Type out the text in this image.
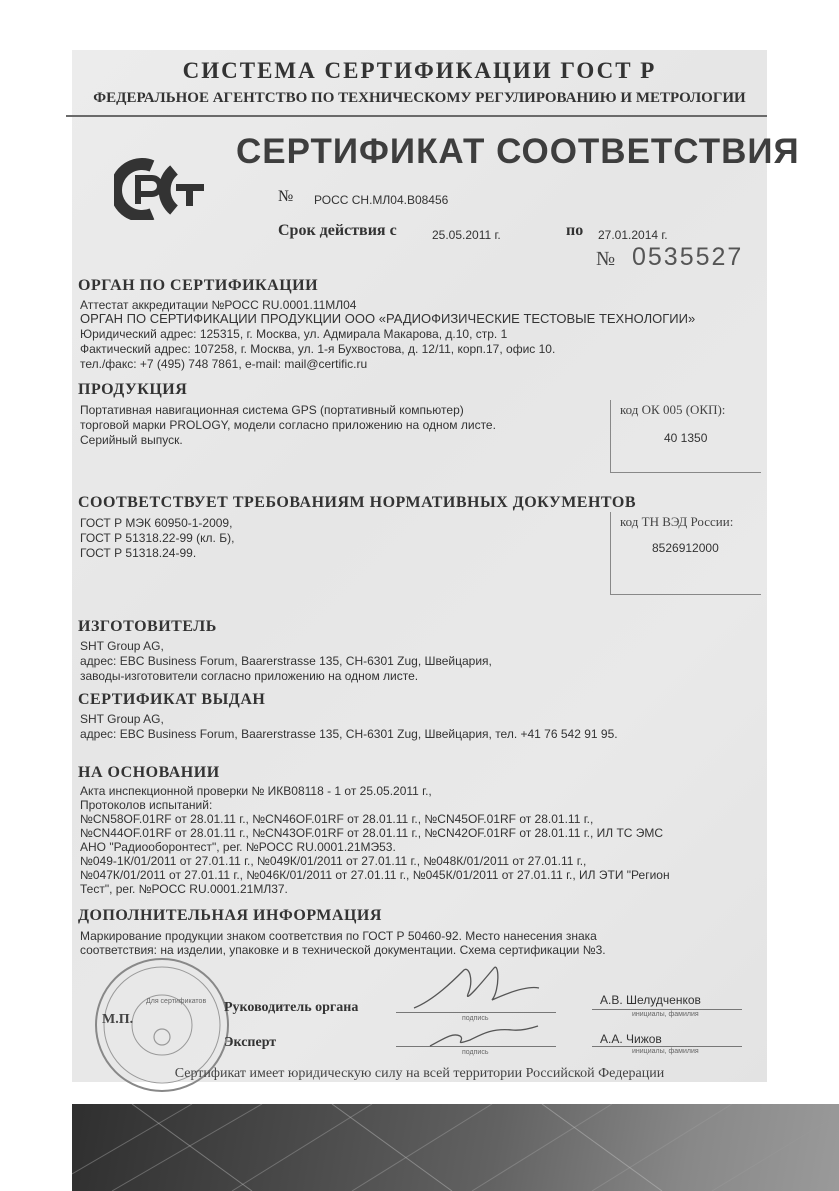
СИСТЕМА СЕРТИФИКАЦИИ ГОСТ Р
ФЕДЕРАЛЬНОЕ АГЕНТСТВО ПО ТЕХНИЧЕСКОМУ РЕГУЛИРОВАНИЮ И МЕТРОЛОГИИ
СЕРТИФИКАТ СООТВЕТСТВИЯ
№ РОСС СН.МЛ04.В08456
Срок действия с	25.05.2011 г.	по 27.01.2014 г.
№ 0535527
ОРГАН ПО СЕРТИФИКАЦИИ
Аттестат аккредитации №РОСС RU.0001.11МЛ04
ОРГАН ПО СЕРТИФИКАЦИИ ПРОДУКЦИИ ООО «РАДИОФИЗИЧЕСКИЕ ТЕСТОВЫЕ ТЕХНОЛОГИИ»
Юридический адрес: 125315, г. Москва, ул. Адмирала Макарова, д.10, стр. 1
Фактический адрес: 107258, г. Москва, ул. 1-я Бухвостова, д. 12/11, корп.17, офис 10.
тел./факс: +7 (495) 748 7861, e-mail: mail@certific.ru
ПРОДУКЦИЯ
Портативная навигационная система GPS (портативный компьютер)
торговой марки PROLOGY, модели согласно приложению на одном листе.
Серийный выпуск.
код ОК 005 (ОКП):
40 1350
СООТВЕТСТВУЕТ ТРЕБОВАНИЯМ НОРМАТИВНЫХ ДОКУМЕНТОВ
ГОСТ Р МЭК 60950-1-2009,
ГОСТ Р 51318.22-99 (кл. Б),
ГОСТ Р 51318.24-99.
код ТН ВЭД России:
8526912000
ИЗГОТОВИТЕЛЬ
SHT Group AG,
адрес: EBC Business Forum, Baarerstrasse 135, CH-6301 Zug, Швейцария,
заводы-изготовители согласно приложению на одном листе.
СЕРТИФИКАТ ВЫДАН
SHT Group AG,
адрес: EBC Business Forum, Baarerstrasse 135, CH-6301 Zug, Швейцария, тел. +41 76 542 91 95.
НА ОСНОВАНИИ
Акта инспекционной проверки № ИКВ08118 - 1 от 25.05.2011 г.,
Протоколов испытаний:
№CN58OF.01RF от 28.01.11 г., №CN46OF.01RF от 28.01.11 г., №CN45OF.01RF от 28.01.11 г.,
№CN44OF.01RF от 28.01.11 г., №CN43OF.01RF от 28.01.11 г., №CN42OF.01RF от 28.01.11 г., ИЛ ТС ЭМС
АНО "Радиооборонтест", рег. №РОСС RU.0001.21МЭ53.
№049-1К/01/2011 от 27.01.11 г., №049К/01/2011 от 27.01.11 г., №048К/01/2011 от 27.01.11 г.,
№047К/01/2011 от 27.01.11 г., №046К/01/2011 от 27.01.11 г., №045К/01/2011 от 27.01.11 г., ИЛ ЭТИ "Регион
Тест", рег. №РОСС RU.0001.21МЛ37.
ДОПОЛНИТЕЛЬНАЯ ИНФОРМАЦИЯ
Маркирование продукции знаком соответствия по ГОСТ Р 50460-92. Место нанесения знака
соответствия: на изделии, упаковке и в технической документации. Схема сертификации №3.
Для сертификатов
М.П.
Руководитель органа
подпись
А.В. Шелудченков
инициалы, фамилия
Эксперт
подпись
А.А. Чижов
инициалы, фамилия
Сертификат имеет юридическую силу на всей территории Российской Федерации
